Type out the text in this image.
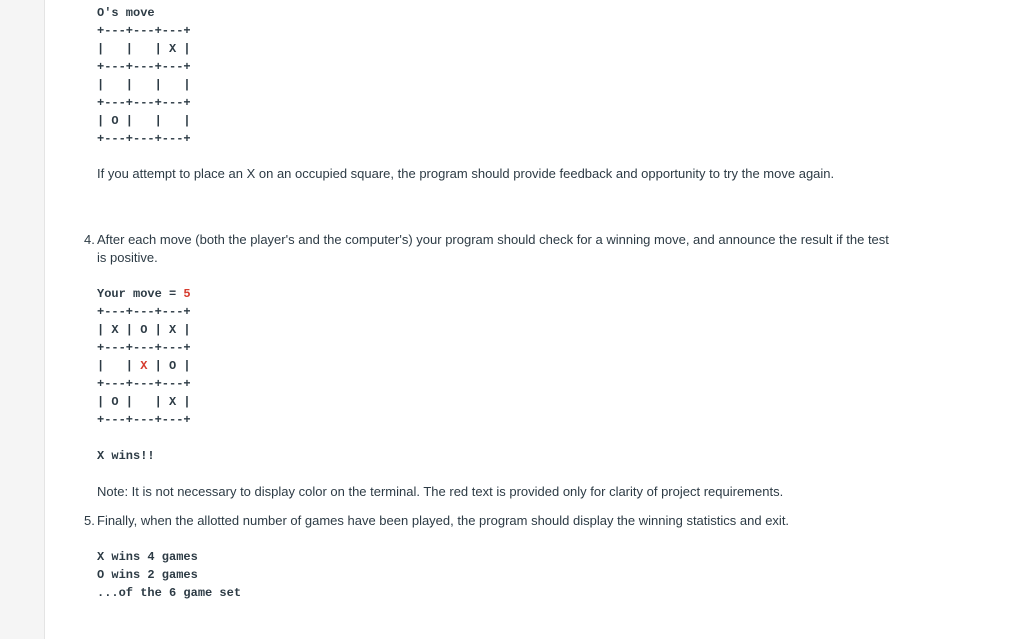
O's move
+---+---+---+
|   |   | X |
+---+---+---+
|   |   |   |
+---+---+---+
| O |   |   |
+---+---+---+

If you attempt to place an X on an occupied square, the program should provide feedback and opportunity to try the move again.

4. After each move (both the player's and the computer's) your program should check for a winning move, and announce the result if the test is positive.

Your move = 5
+---+---+---+
| X | O | X |
+---+---+---+
|   | X | O |
+---+---+---+
| O |   | X |
+---+---+---+
X wins!!

Note: It is not necessary to display color on the terminal. The red text is provided only for clarity of project requirements.

5. Finally, when the allotted number of games have been played, the program should display the winning statistics and exit.

X wins 4 games
O wins 2 games
...of the 6 game set
